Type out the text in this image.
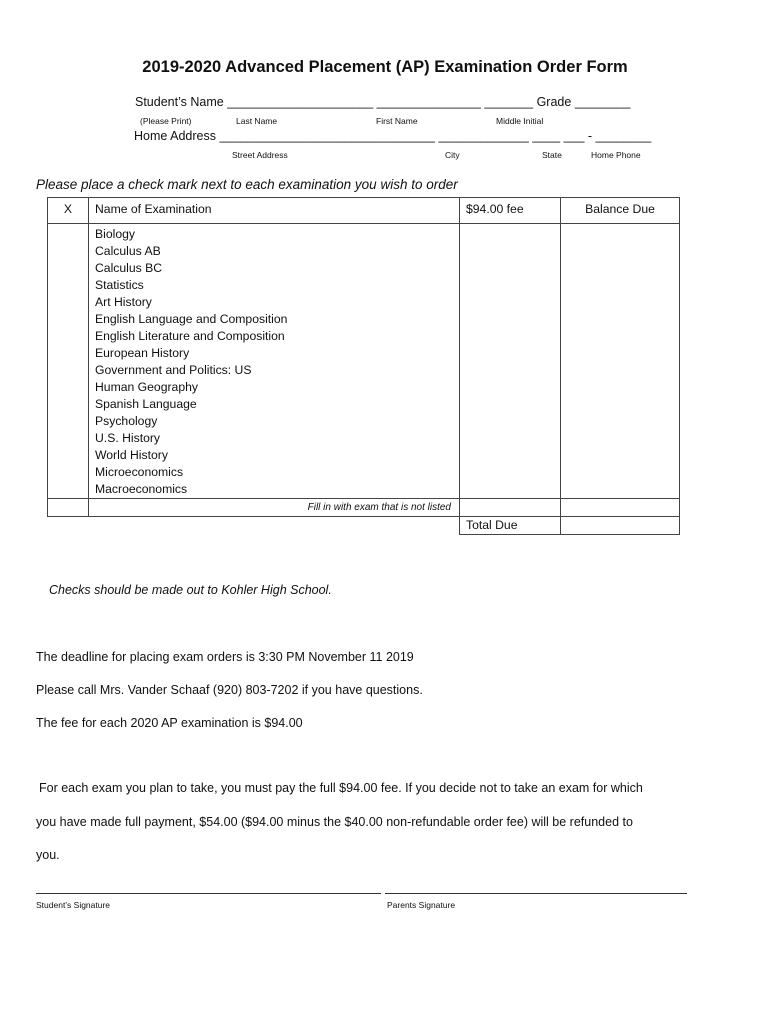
2019-2020 Advanced Placement (AP) Examination Order Form
Student’s Name _____________________ _______________ _______ Grade ________
(Please Print)	Last Name	First Name	Middle Initial
Home Address _______________________________ _____________ ____ ___ - ________
Street Address	City	State	Home Phone
Please place a check mark next to each examination you wish to order
X	Name of Examination	$94.00 fee	Balance Due
	Biology		
	Calculus AB		
	Calculus BC		
	Statistics		
	Art History		
	English Language and Composition		
	English Literature and Composition		
	European History		
	Government and Politics: US		
	Human Geography		
	Spanish Language		
	Psychology		
	U.S. History		
	World History		
	Microeconomics		
	Macroeconomics		
	Fill in with exam that is not listed		
		Total Due	
Checks should be made out to Kohler High School.
The deadline for placing exam orders is 3:30 PM November 11 2019
Please call Mrs. Vander Schaaf (920) 803-7202 if you have questions.
The fee for each 2020 AP examination is $94.00
For each exam you plan to take, you must pay the full $94.00 fee. If you decide not to take an exam for which
you have made full payment, $54.00 ($94.00 minus the $40.00 non-refundable order fee) will be refunded to
you.
Student’s Signature	Parents Signature
